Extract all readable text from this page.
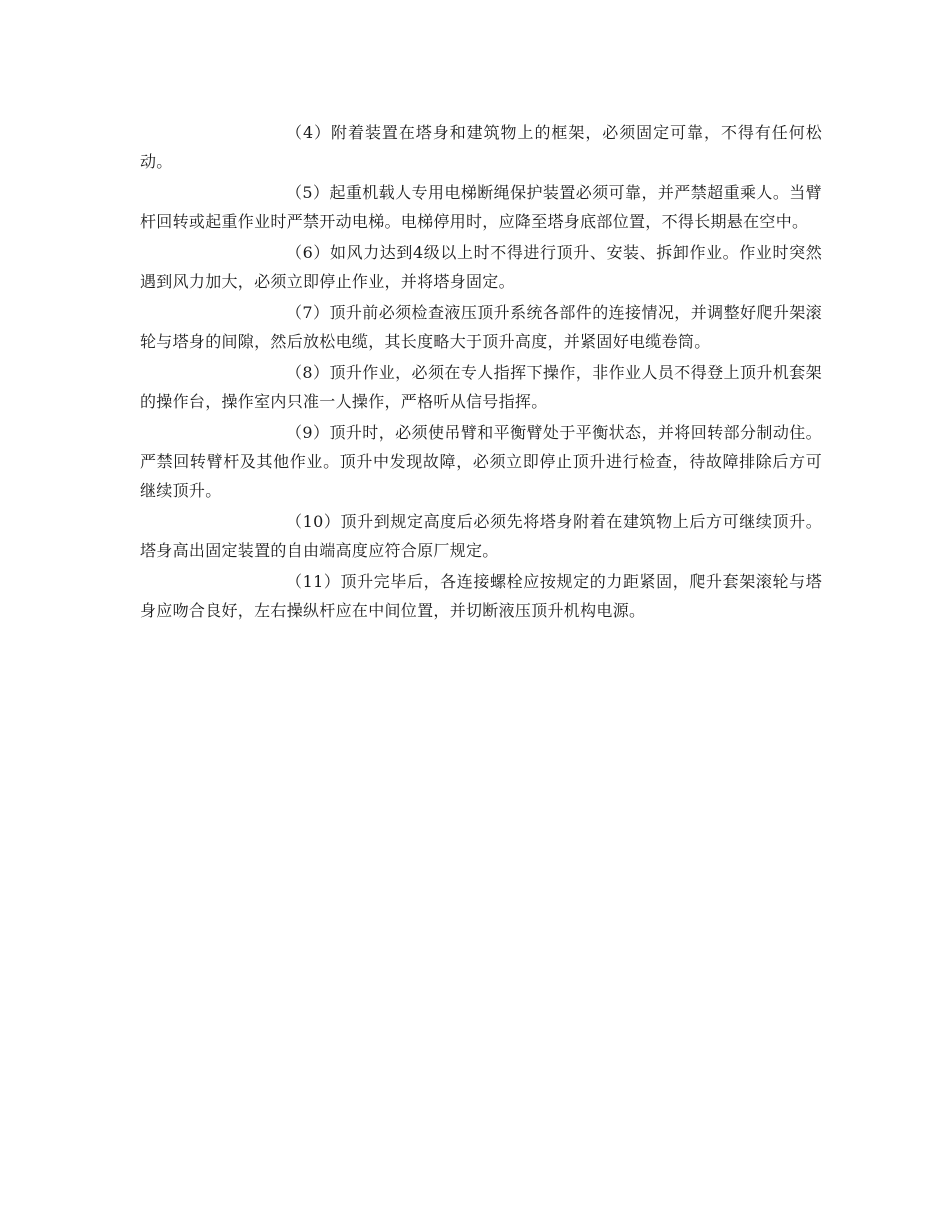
（4）附着装置在塔身和建筑物上的框架，必须固定可靠，不得有任何松动。

（5）起重机载人专用电梯断绳保护装置必须可靠，并严禁超重乘人。当臂杆回转或起重作业时严禁开动电梯。电梯停用时，应降至塔身底部位置，不得长期悬在空中。

（6）如风力达到4级以上时不得进行顶升、安装、拆卸作业。作业时突然遇到风力加大，必须立即停止作业，并将塔身固定。

（7）顶升前必须检查液压顶升系统各部件的连接情况，并调整好爬升架滚轮与塔身的间隙，然后放松电缆，其长度略大于顶升高度，并紧固好电缆卷筒。

（8）顶升作业，必须在专人指挥下操作，非作业人员不得登上顶升机套架的操作台，操作室内只准一人操作，严格听从信号指挥。

（9）顶升时，必须使吊臂和平衡臂处于平衡状态，并将回转部分制动住。严禁回转臂杆及其他作业。顶升中发现故障，必须立即停止顶升进行检查，待故障排除后方可继续顶升。

（10）顶升到规定高度后必须先将塔身附着在建筑物上后方可继续顶升。塔身高出固定装置的自由端高度应符合原厂规定。

（11）顶升完毕后，各连接螺栓应按规定的力距紧固，爬升套架滚轮与塔身应吻合良好，左右操纵杆应在中间位置，并切断液压顶升机构电源。
